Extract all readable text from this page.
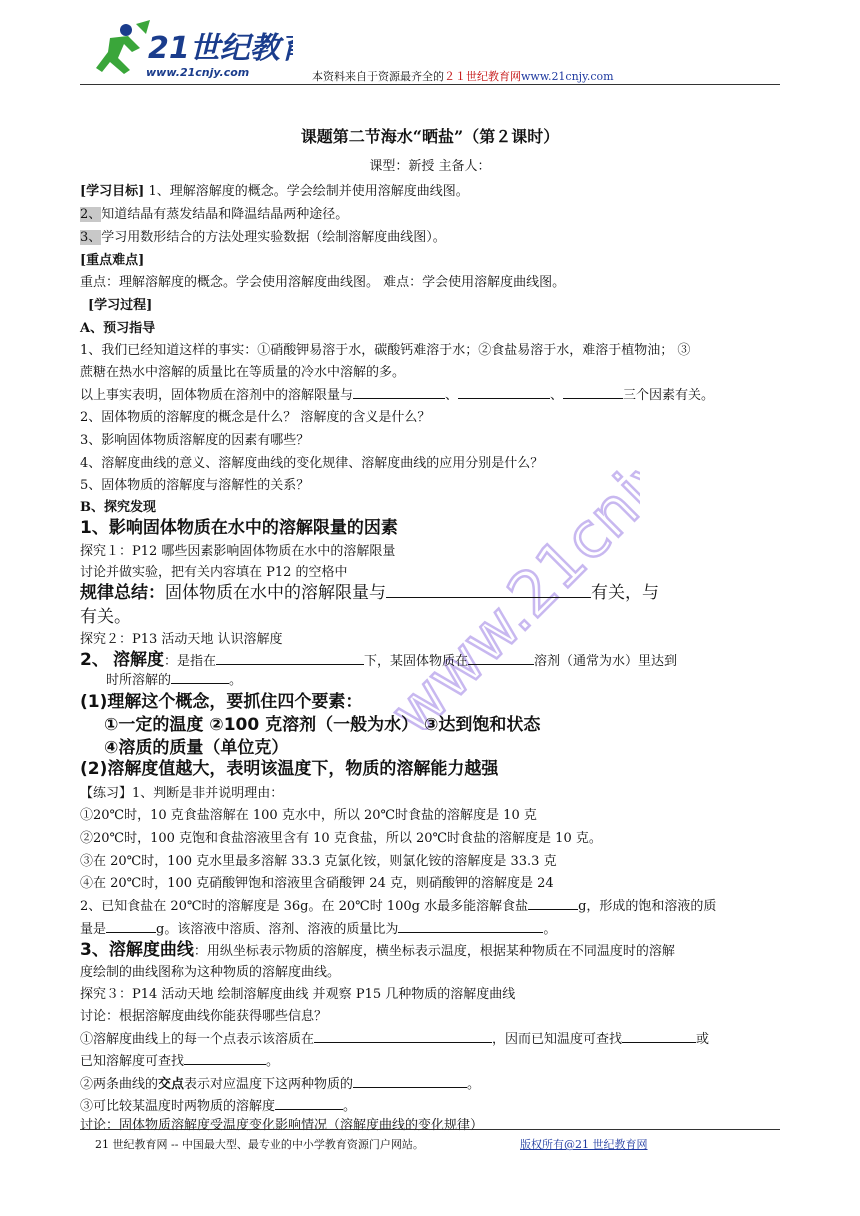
21世纪教
www.21cnjy.com	本资料来自于资源最齐全的２１世纪教育网www.21cnjy.com
www.21cnjy.com
课题第二节海水“晒盐”（第２课时）
课型：新授 主备人：
[学习目标] 1、理解溶解度的概念。学会绘制并使用溶解度曲线图。
2、知道结晶有蒸发结晶和降温结晶两种途径。
3、学习用数形结合的方法处理实验数据（绘制溶解度曲线图）。
[重点难点]
重点：理解溶解度的概念。学会使用溶解度曲线图。 难点：学会使用溶解度曲线图。
[学习过程]
A、预习指导
1、我们已经知道这样的事实：①硝酸钾易溶于水，碳酸钙难溶于水；②食盐易溶于水，难溶于植物油； ③
蔗糖在热水中溶解的质量比在等质量的冷水中溶解的多。
以上事实表明，固体物质在溶剂中的溶解限量与	、	、	三个因素有关。
2、固体物质的溶解度的概念是什么？ 溶解度的含义是什么？
3、影响固体物质溶解度的因素有哪些？
4、溶解度曲线的意义、溶解度曲线的变化规律、溶解度曲线的应用分别是什么？
5、固体物质的溶解度与溶解性的关系？
B、探究发现
1、影响固体物质在水中的溶解限量的因素
探究１：P12 哪些因素影响固体物质在水中的溶解限量
讨论并做实验，把有关内容填在 P12 的空格中
规律总结：固体物质在水中的溶解限量与	有关，与
有关。
探究２：P13 活动天地 认识溶解度
2、 溶解度：是指在	下，某固体物质在	溶剂（通常为水）里达到
时所溶解的	。
(1)理解这个概念，要抓住四个要素：
①一定的温度 ②100 克溶剂（一般为水） ③达到饱和状态
④溶质的质量（单位克）
(2)溶解度值越大，表明该温度下，物质的溶解能力越强
【练习】1、判断是非并说明理由：
①20℃时，10 克食盐溶解在 100 克水中，所以 20℃时食盐的溶解度是 10 克
②20℃时，100 克饱和食盐溶液里含有 10 克食盐，所以 20℃时食盐的溶解度是 10 克。
③在 20℃时，100 克水里最多溶解 33.3 克氯化铵，则氯化铵的溶解度是 33.3 克
④在 20℃时，100 克硝酸钾饱和溶液里含硝酸钾 24 克，则硝酸钾的溶解度是 24
2、已知食盐在 20℃时的溶解度是 36g。在 20℃时 100g 水最多能溶解食盐	g，形成的饱和溶液的质
量是	g。该溶液中溶质、溶剂、溶液的质量比为	。
3、溶解度曲线：用纵坐标表示物质的溶解度，横坐标表示温度，根据某种物质在不同温度时的溶解
度绘制的曲线图称为这种物质的溶解度曲线。
探究３：P14 活动天地 绘制溶解度曲线 并观察 P15 几种物质的溶解度曲线
讨论：根据溶解度曲线你能获得哪些信息？
①溶解度曲线上的每一个点表示该溶质在	，因而已知温度可查找	或
已知溶解度可查找	。
②两条曲线的交点表示对应温度下这两种物质的	。
③可比较某温度时两物质的溶解度	。
讨论：固体物质溶解度受温度变化影响情况（溶解度曲线的变化规律）
21 世纪教育网 -- 中国最大型、最专业的中小学教育资源门户网站。	版权所有@21 世纪教育网
